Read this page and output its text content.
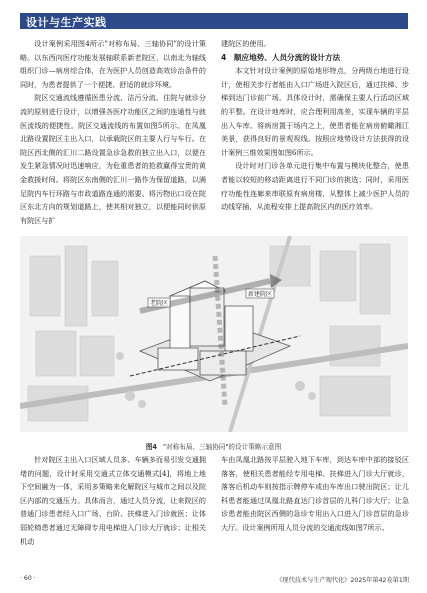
设计与生产实践

设计案例采用图4所示"对称布局、三轴协同"的设计策略。以东西向医疗功能发展轴联系新老院区，以南北为轴线组织门诊—病房综合体，在为医护人员创造高效诊治条件的同时，为患者提供了一个便捷、舒适的就诊环境。

院区交通流线遵循医患分流、洁污分流、住院与就诊分流的原则进行设计，以增强各医疗功能区之间的连通性与就医流线的便捷性。院区交通流线的布置如图5所示。在凤凰北路设置院区主出入口，以承载院区的主要人行与车行。在院区西北侧的汇川二路设置急诊急救的独立出入口，以便在发生紧急情况时迅速响应，为危重患者的抢救赢得宝贵的黄金救援时间。将院区东南侧的汇川一路作为保留道路，以满足院内车行环路与市政道路连通的需要。将污物出口设在院区东北方向的规划道路上，使其相对独立，以便能同时供原有院区与扩

建院区的使用。

4　顺应地势、人员分流的设计方法

本文针对设计案例的原始地形特点，分两级台地进行设计，使相关步行者能由入口广场进入院区后，通过扶梯、步梯到达门诊前广场。具体设计时，需确保主要人行活动区域的平整。在设计地库时，应合理利用高差，实现车辆的平层出入车库。将病房置于场内之上，使患者能在病房俯瞰湘江美景，获得良好的景观视线。按照应地势设计方法获得的设计案例三维效果图如图6所示。

设计时对门诊各单元进行集中布置与模块化整合，使患者能以较短的移动距离进行不同门诊的挑选；同时，采用医疗功能性连廊来串联原有病房楼，从整体上减少医护人员的动线穿插，从流程安排上提高院区内的医疗效率。

老院区
新建院区
图4 "对称布局、三轴协同"的设计策略示意图

针对院区主出入口区域人员多、车辆多而易引发交通拥堵的问题，设计时采用交通式立体交通模式[4]，将地上地下空间融为一体，采用多策略来化解院区与城市之间以及院区内部的交通压力。具体而言，通过人员分流，让来院区的普通门诊患者经入口广场、台阶、扶梯进入门诊就医；让体弱轮椅患者通过无障碍专用电梯进入门诊大厅就诊；让相关机动

车由凤凰北路按平层驶入地下车库，到达车库中部的接驳区落客，使相关患者能经专用电梯、扶梯进入门诊大厅就诊，落客后机动车则按指示牌停车或由车库出口驶出院区；让儿科患者能通过凤凰北路直达门诊首层的儿科门诊大厅；让急诊患者能由院区西侧的急诊专用出入口进入门诊首层的急诊大厅。设计案例所用人员分流的交通流线如图7所示。

· 60 ·	《现代技术与生产现代化》2025年第42卷第1期
